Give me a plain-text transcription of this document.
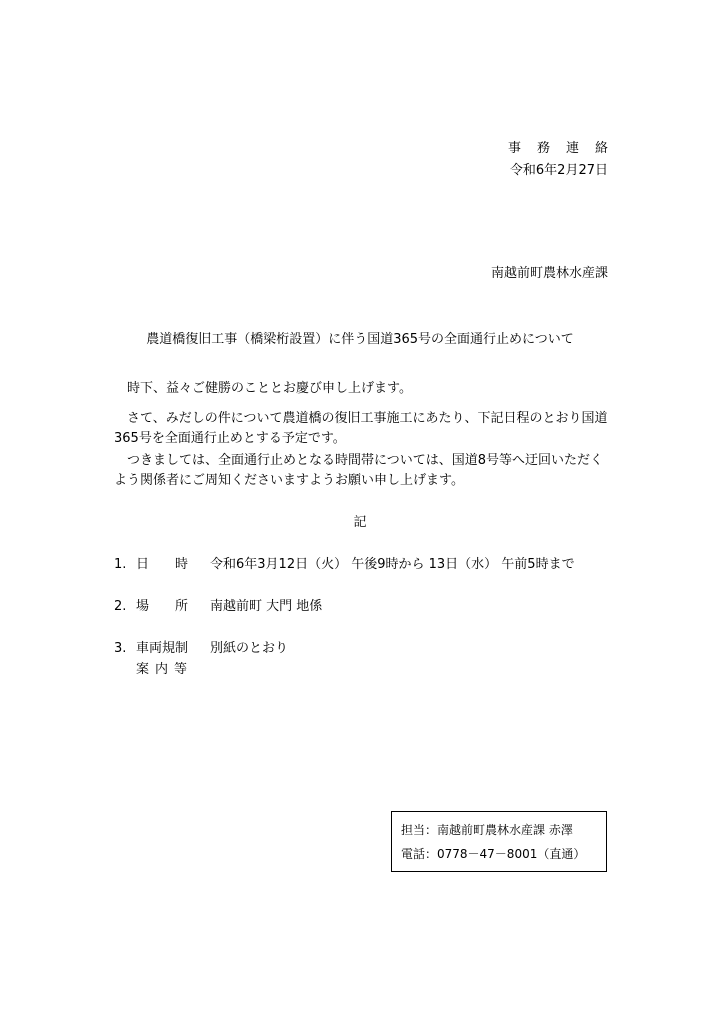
事務連絡
令和6年2月27日
南越前町農林水産課
農道橋復旧工事（橋梁桁設置）に伴う国道365号の全面通行止めについて
　時下、益々ご健勝のこととお慶び申し上げます。
　さて、みだしの件について農道橋の復旧工事施工にあたり、下記日程のとおり国道365号を全面通行止めとする予定です。
　つきましては、全面通行止めとなる時間帯については、国道8号等へ迂回いただくよう関係者にご周知くださいますようお願い申し上げます。
記
1. 日時
令和6年3月12日（火） 午後9時から 13日（水） 午前5時まで
2. 場所
南越前町 大門 地係
3. 車両規制
案内等
別紙のとおり
担当：南越前町農林水産課 赤澤
電話：0778－47－8001（直通）
